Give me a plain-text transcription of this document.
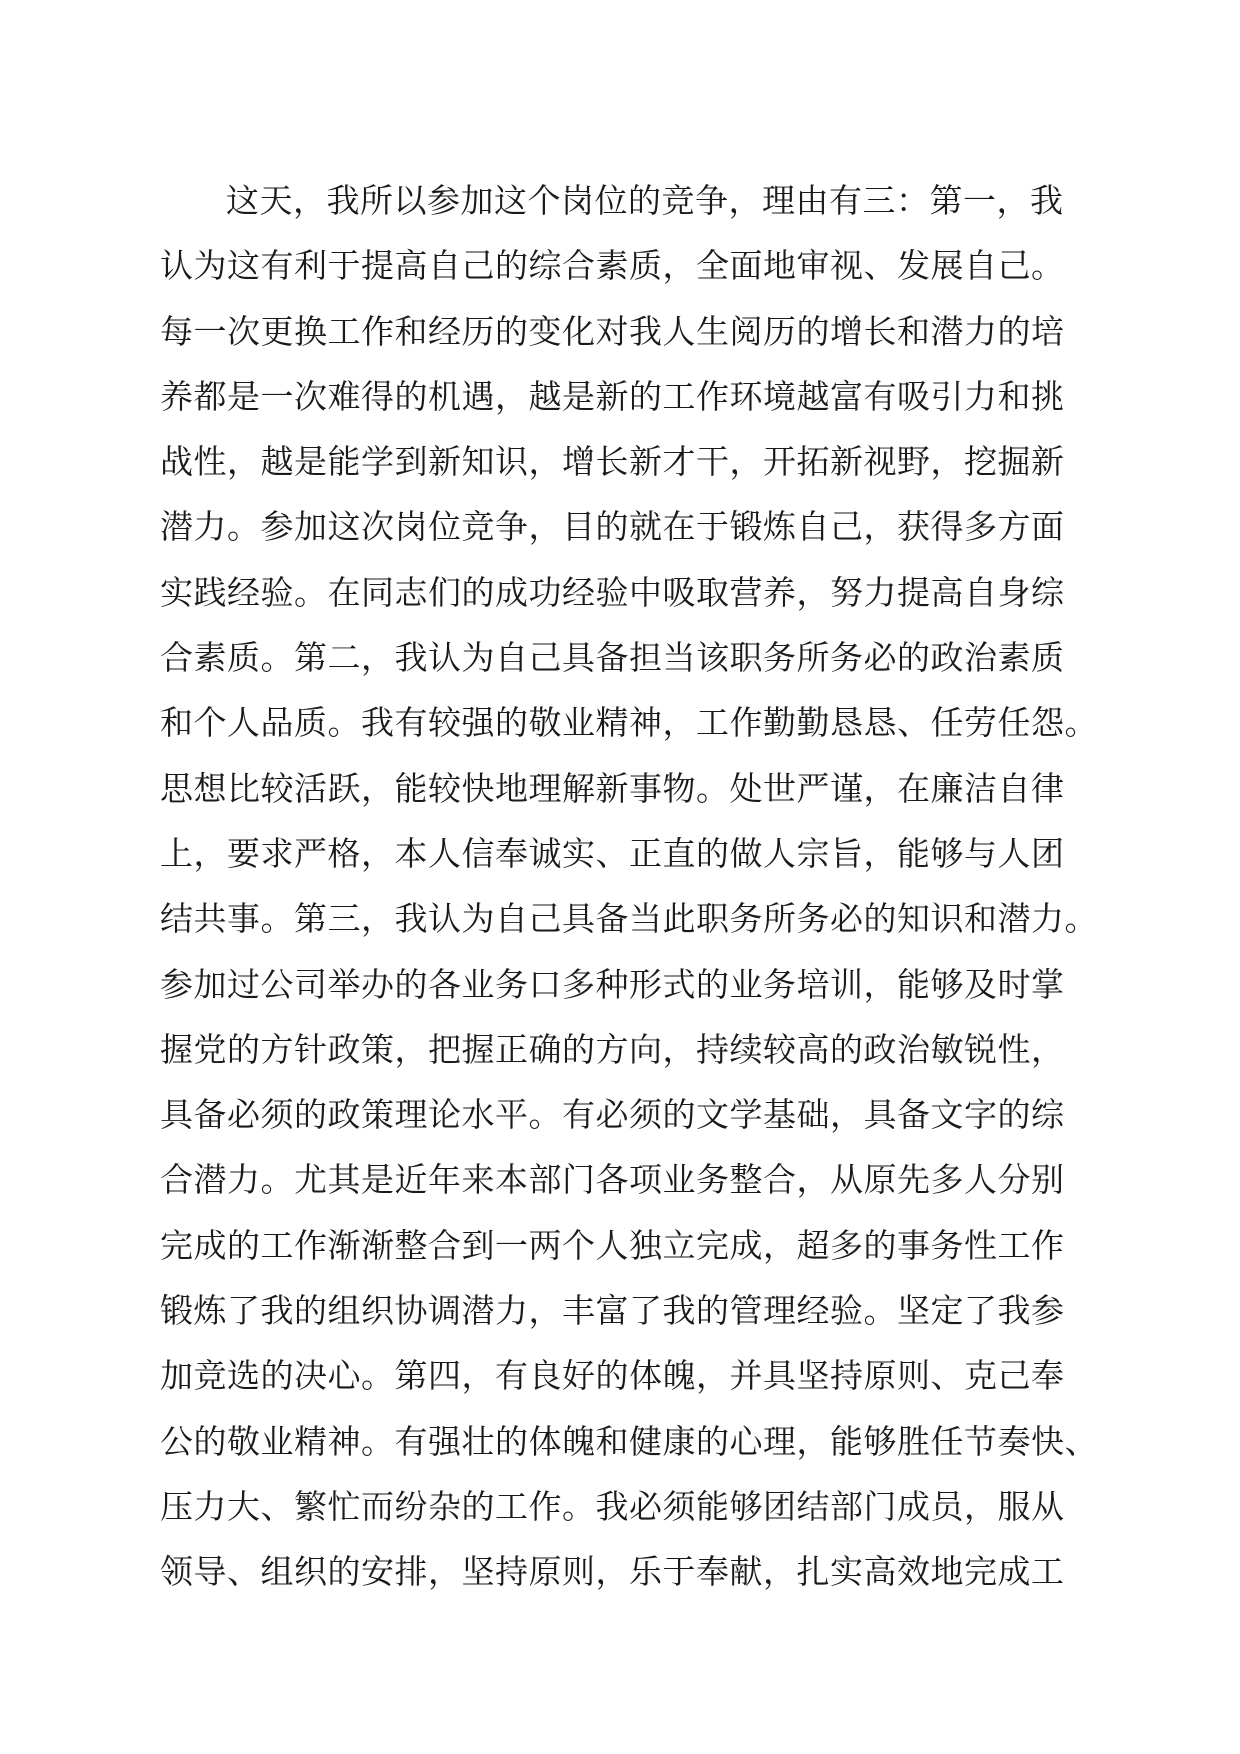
这天，我所以参加这个岗位的竞争，理由有三：第一，我
认为这有利于提高自己的综合素质，全面地审视、发展自己。
每一次更换工作和经历的变化对我人生阅历的增长和潜力的培
养都是一次难得的机遇，越是新的工作环境越富有吸引力和挑
战性，越是能学到新知识，增长新才干，开拓新视野，挖掘新
潜力。参加这次岗位竞争，目的就在于锻炼自己，获得多方面
实践经验。在同志们的成功经验中吸取营养，努力提高自身综
合素质。第二，我认为自己具备担当该职务所务必的政治素质
和个人品质。我有较强的敬业精神，工作勤勤恳恳、任劳任怨。
思想比较活跃，能较快地理解新事物。处世严谨，在廉洁自律
上，要求严格，本人信奉诚实、正直的做人宗旨，能够与人团
结共事。第三，我认为自己具备当此职务所务必的知识和潜力。
参加过公司举办的各业务口多种形式的业务培训，能够及时掌
握党的方针政策，把握正确的方向，持续较高的政治敏锐性，
具备必须的政策理论水平。有必须的文学基础，具备文字的综
合潜力。尤其是近年来本部门各项业务整合，从原先多人分别
完成的工作渐渐整合到一两个人独立完成，超多的事务性工作
锻炼了我的组织协调潜力，丰富了我的管理经验。坚定了我参
加竞选的决心。第四，有良好的体魄，并具坚持原则、克己奉
公的敬业精神。有强壮的体魄和健康的心理，能够胜任节奏快、
压力大、繁忙而纷杂的工作。我必须能够团结部门成员，服从
领导、组织的安排，坚持原则，乐于奉献，扎实高效地完成工
